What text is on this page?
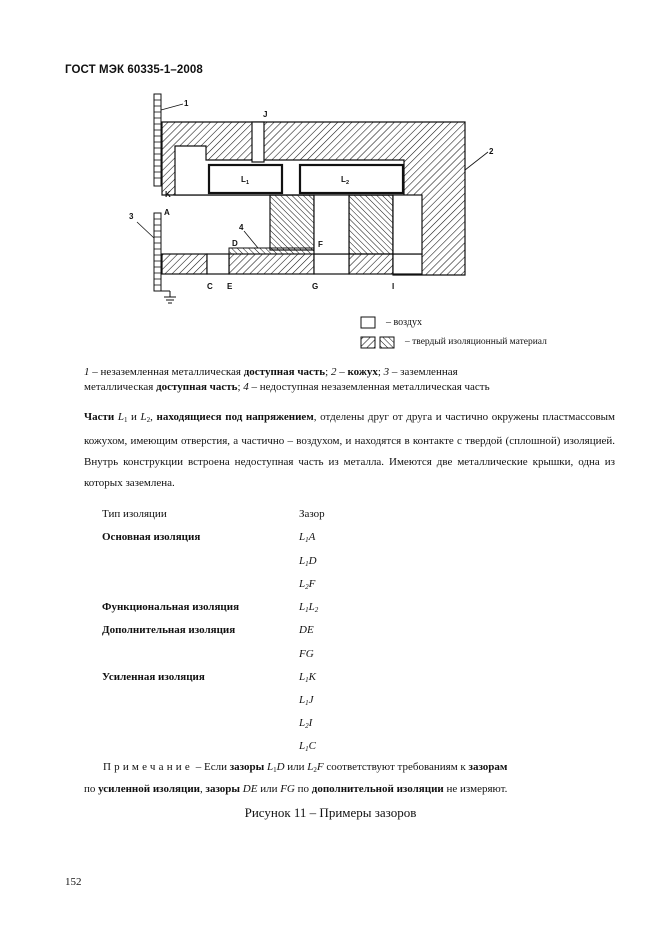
ГОСТ МЭК 60335-1–2008
1
J
2
K
A
3
4
D	F
C E	G	I
L 1	L 2
– воздух
– твердый изоляционный материал
1 – незаземленная металлическая доступная часть; 2 – кожух; 3 – заземленная
металлическая доступная часть; 4 – недоступная незаземленная металлическая часть
Части $L_1$ и $L_2$, находящиеся под напряжением, отделены друг от друга и частично окружены пластмассовым кожухом, имеющим отверстия, а частично – воздухом, и находятся в контакте с твердой (сплошной) изоляцией. Внутрь конструкции встроена недоступная часть из металла. Имеются две металлические крышки, одна из которых заземлена.
Тип изоляции	Зазор
Основная изоляция	$L_1A$
$L_1D$
$L_2F$
Функциональная изоляция	$L_1L_2$
Дополнительная изоляция	DE
FG
Усиленная изоляция	$L_1K$
$L_1J$
$L_2I$
$L_1C$
Примечание – Если зазоры $L_1D$ или $L_2F$ соответствуют требованиям к зазорам
по усиленной изоляции, зазоры DE или FG по дополнительной изоляции не измеряют.
Рисунок 11 – Примеры зазоров
152
